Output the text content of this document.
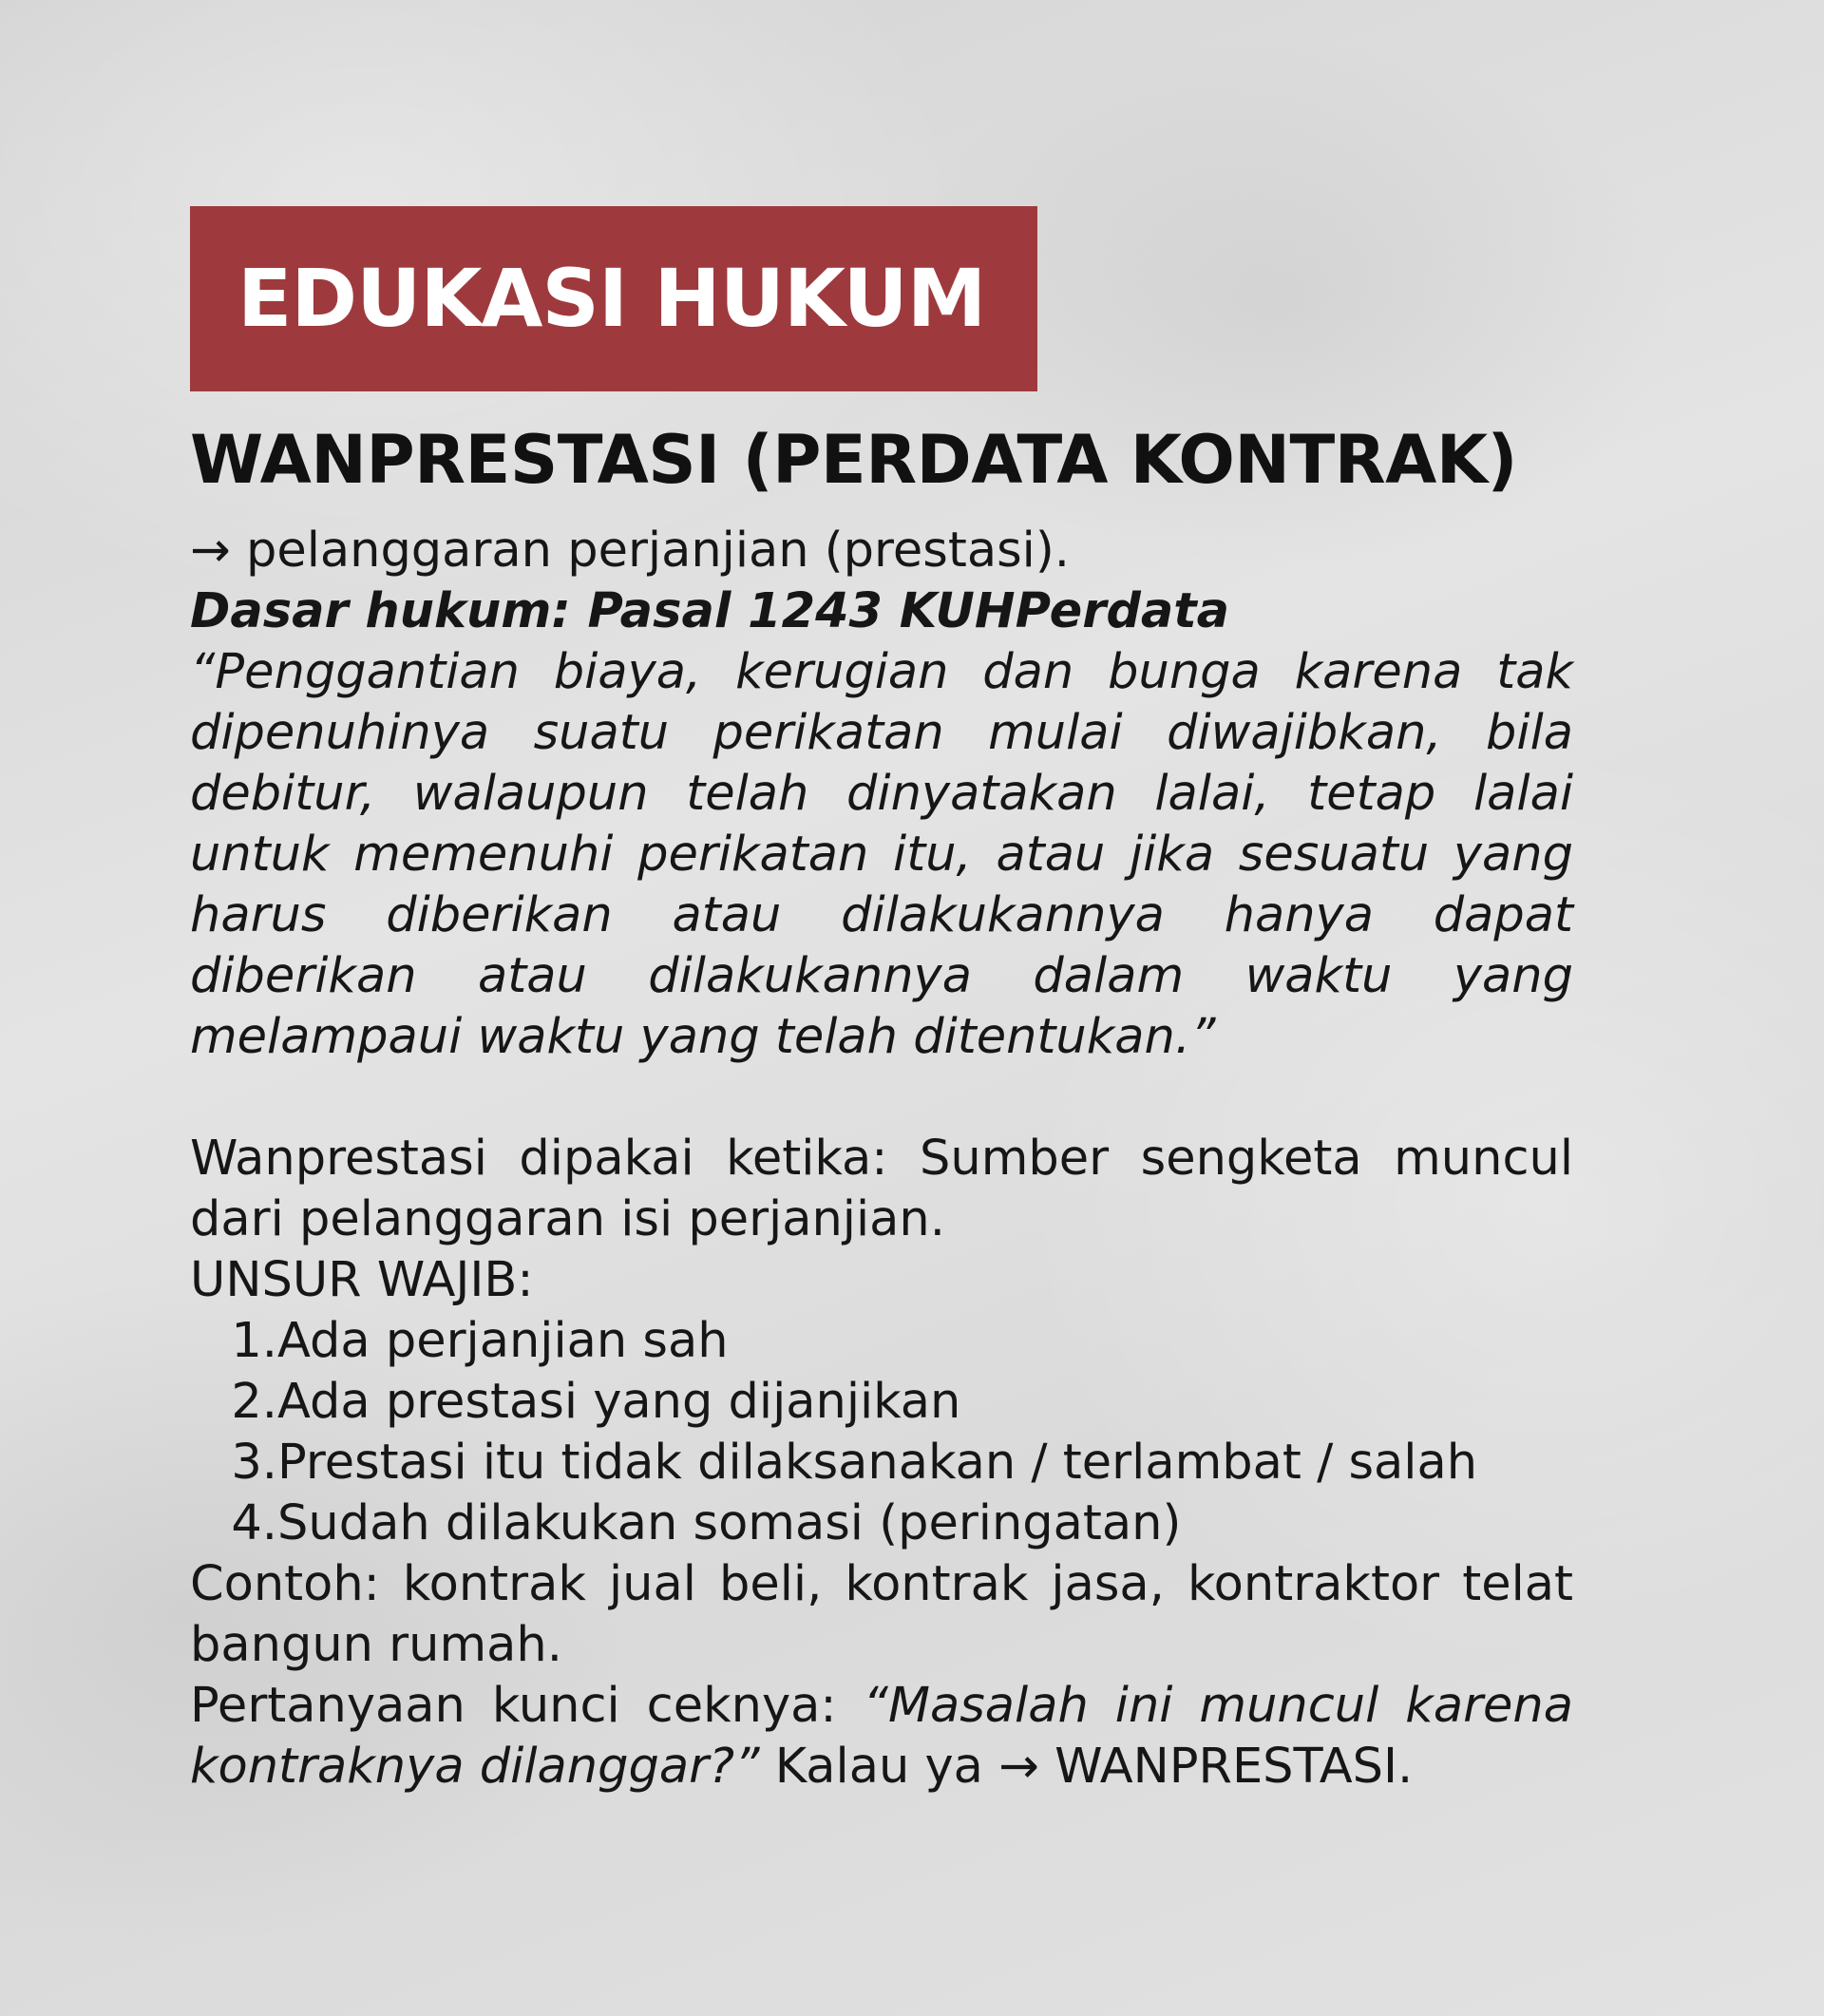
EDUKASI HUKUM
WANPRESTASI (PERDATA KONTRAK)
→ pelanggaran perjanjian (prestasi).
Dasar hukum: Pasal 1243 KUHPerdata
“Penggantian biaya, kerugian dan bunga karena tak dipenuhinya suatu perikatan mulai diwajibkan, bila debitur, walaupun telah dinyatakan lalai, tetap lalai untuk memenuhi perikatan itu, atau jika sesuatu yang harus diberikan atau dilakukannya hanya dapat diberikan atau dilakukannya dalam waktu yang melampaui waktu yang telah ditentukan.”
Wanprestasi dipakai ketika: Sumber sengketa muncul dari pelanggaran isi perjanjian.
UNSUR WAJIB:
1. Ada perjanjian sah
2. Ada prestasi yang dijanjikan
3. Prestasi itu tidak dilaksanakan / terlambat / salah
4. Sudah dilakukan somasi (peringatan)
Contoh: kontrak jual beli, kontrak jasa, kontraktor telat bangun rumah.
Pertanyaan kunci ceknya: “Masalah ini muncul karena kontraknya dilanggar?” Kalau ya → WANPRESTASI.
